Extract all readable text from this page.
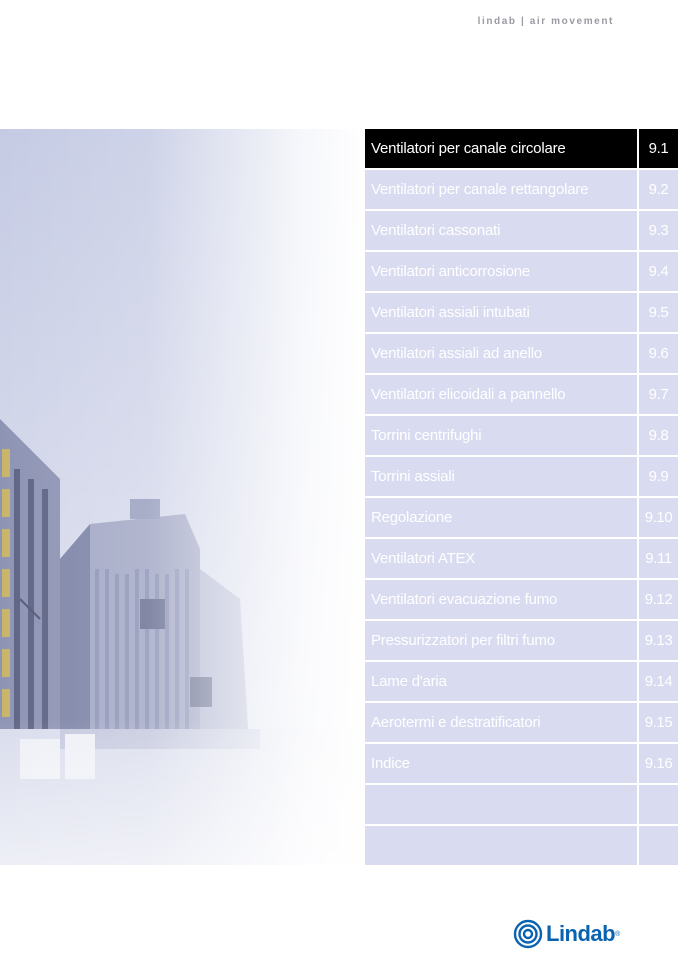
lindab | air movement
Ventilatori per canale circolare	9.1
Ventilatori per canale rettangolare	9.2
Ventilatori cassonati	9.3
Ventilatori anticorrosione	9.4
Ventilatori assiali intubati	9.5
Ventilatori assiali ad anello	9.6
Ventilatori elicoidali a pannello	9.7
Torrini centrifughi	9.8
Torrini assiali	9.9
Regolazione	9.10
Ventilatori ATEX	9.11
Ventilatori evacuazione fumo	9.12
Pressurizzatori per filtri fumo	9.13
Lame d'aria	9.14
Aerotermi e destratificatori	9.15
Indice	9.16
Lindab ®
